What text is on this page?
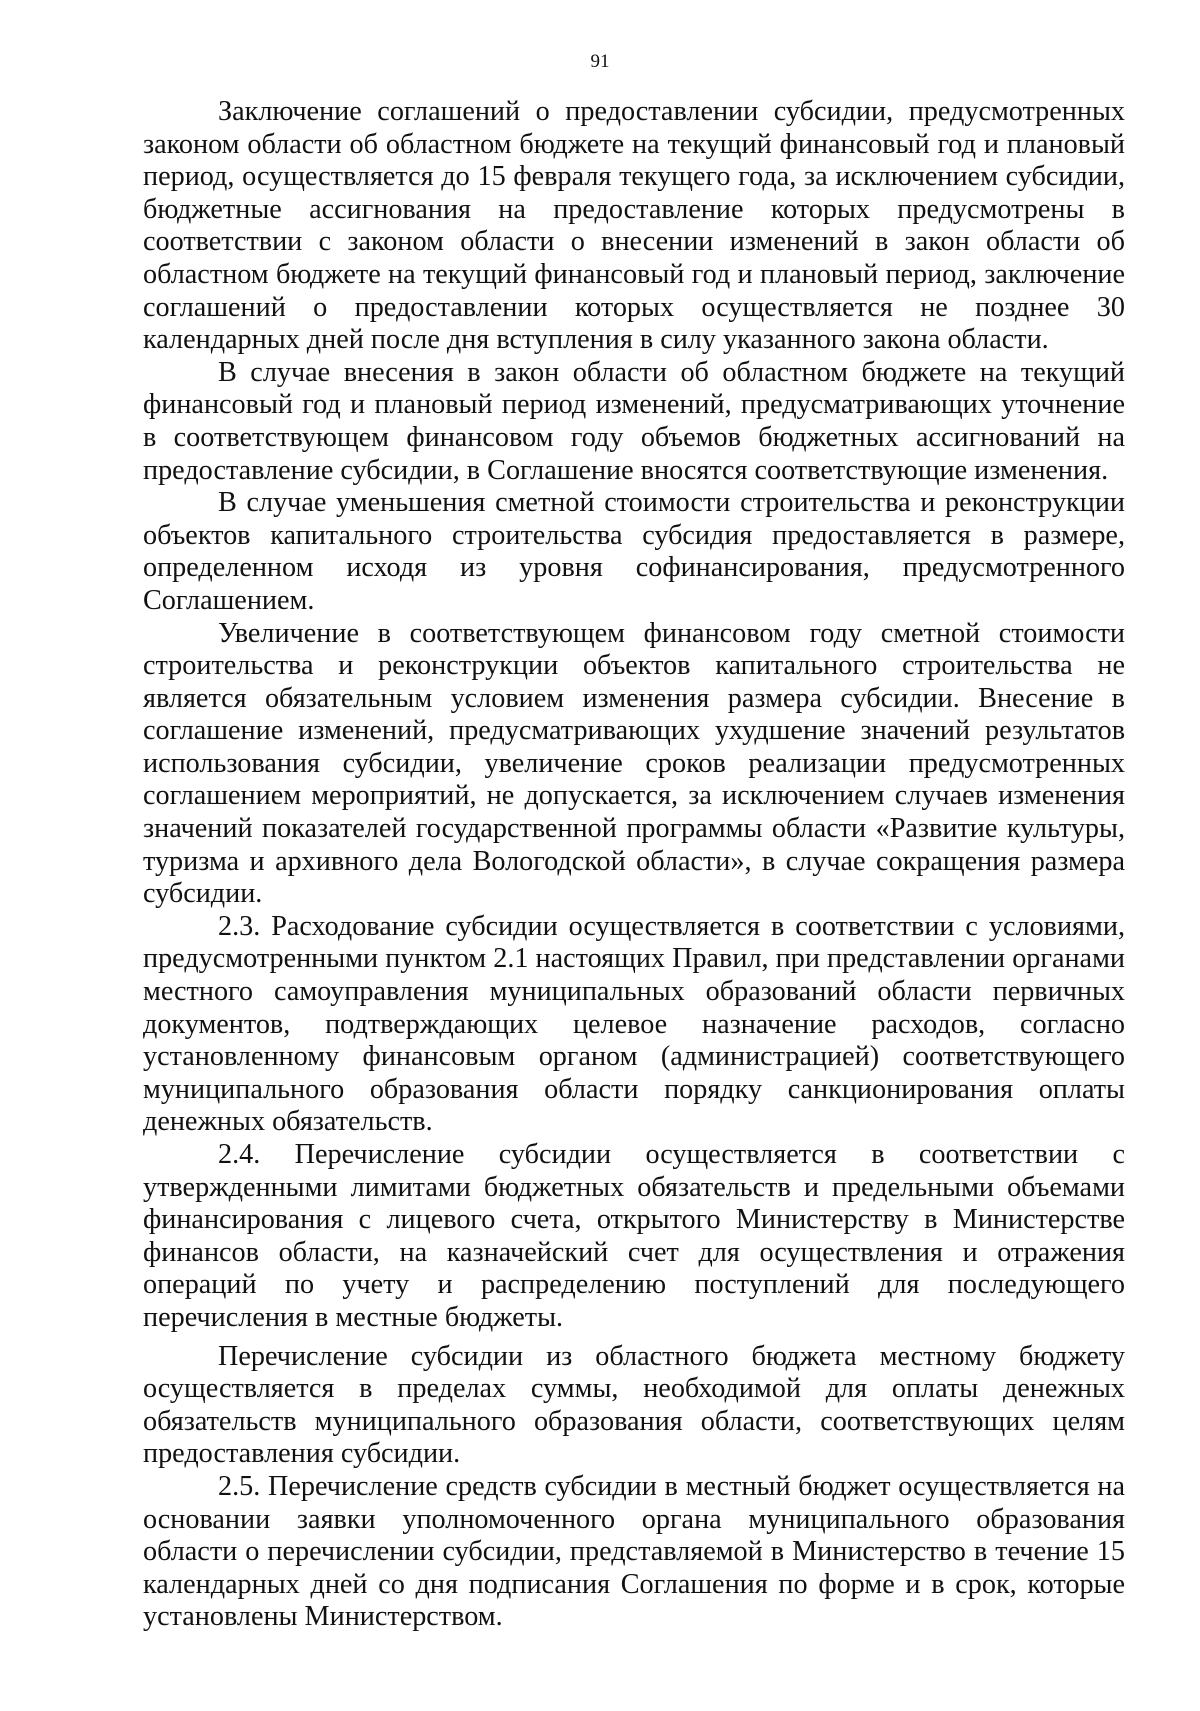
91

Заключение соглашений о предоставлении субсидии, предусмотренных законом области об областном бюджете на текущий финансовый год и плановый период, осуществляется до 15 февраля текущего года, за исключением субсидии, бюджетные ассигнования на предоставление которых предусмотрены в соответствии с законом области о внесении изменений в закон области об областном бюджете на текущий финансовый год и плановый период, заключение соглашений о предоставлении которых осуществляется не позднее 30 календарных дней после дня вступления в силу указанного закона области.

В случае внесения в закон области об областном бюджете на текущий финансовый год и плановый период изменений, предусматривающих уточнение в соответствующем финансовом году объемов бюджетных ассигнований на предоставление субсидии, в Соглашение вносятся соответствующие изменения.

В случае уменьшения сметной стоимости строительства и реконструкции объектов капитального строительства субсидия предоставляется в размере, определенном исходя из уровня софинансирования, предусмотренного Соглашением.

Увеличение в соответствующем финансовом году сметной стоимости строительства и реконструкции объектов капитального строительства не является обязательным условием изменения размера субсидии. Внесение в соглашение изменений, предусматривающих ухудшение значений результатов использования субсидии, увеличение сроков реализации предусмотренных соглашением мероприятий, не допускается, за исключением случаев изменения значений показателей государственной программы области «Развитие культуры, туризма и архивного дела Вологодской области», в случае сокращения размера субсидии.

2.3. Расходование субсидии осуществляется в соответствии с условиями, предусмотренными пунктом 2.1 настоящих Правил, при представлении органами местного самоуправления муниципальных образований области первичных документов, подтверждающих целевое назначение расходов, согласно установленному финансовым органом (администрацией) соответствующего муниципального образования области порядку санкционирования оплаты денежных обязательств.

2.4. Перечисление субсидии осуществляется в соответствии с утвержденными лимитами бюджетных обязательств и предельными объемами финансирования с лицевого счета, открытого Министерству в Министерстве финансов области, на казначейский счет для осуществления и отражения операций по учету и распределению поступлений для последующего перечисления в местные бюджеты.

Перечисление субсидии из областного бюджета местному бюджету осуществляется в пределах суммы, необходимой для оплаты денежных обязательств муниципального образования области, соответствующих целям предоставления субсидии.

2.5. Перечисление средств субсидии в местный бюджет осуществляется на основании заявки уполномоченного органа муниципального образования области о перечислении субсидии, представляемой в Министерство в течение 15 календарных дней со дня подписания Соглашения по форме и в срок, которые установлены Министерством.
